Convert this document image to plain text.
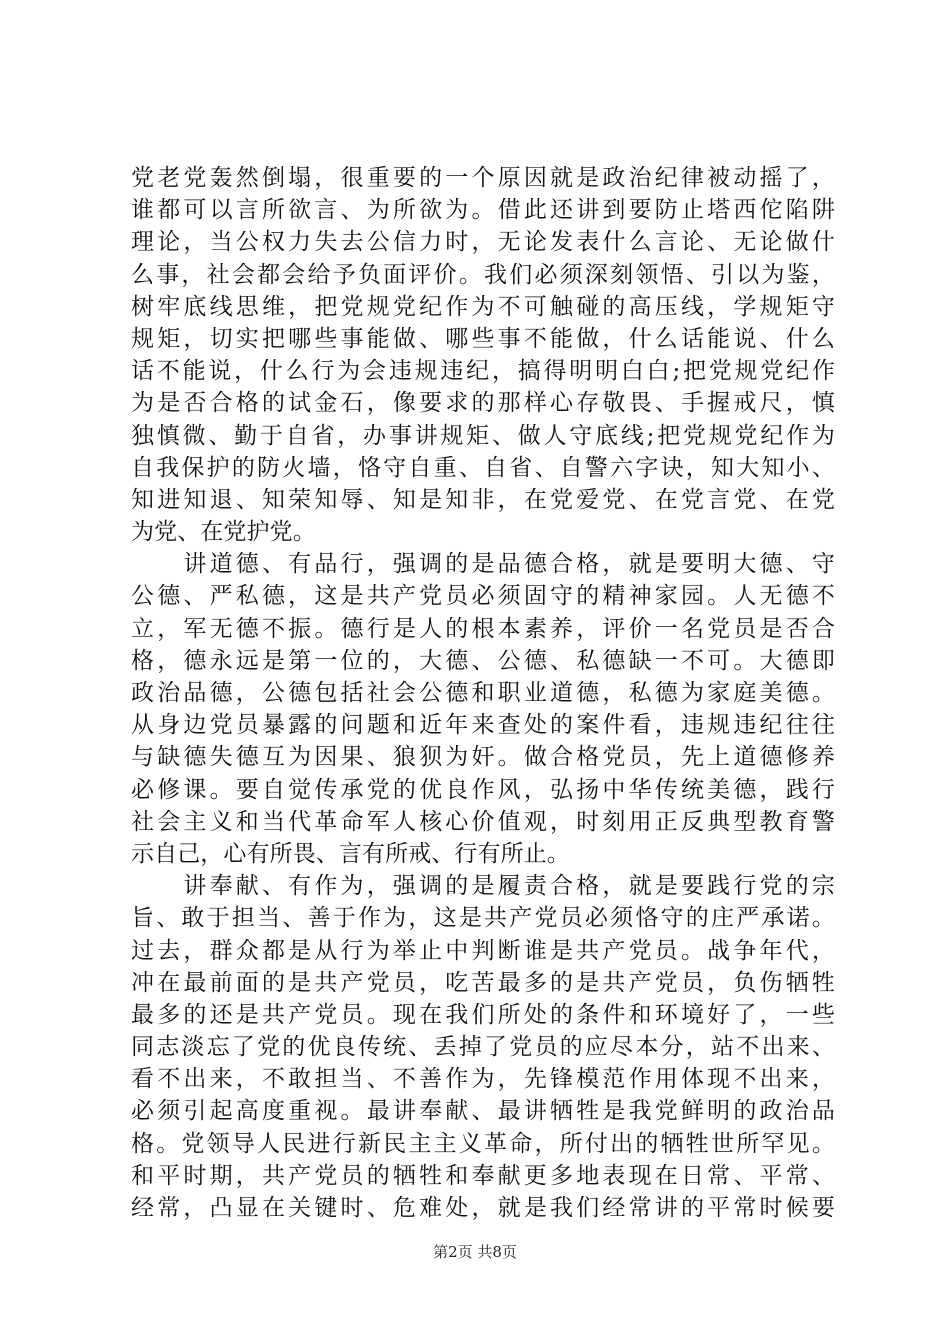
党老党轰然倒塌，很重要的一个原因就是政治纪律被动摇了，
谁都可以言所欲言、为所欲为。借此还讲到要防止塔西佗陷阱
理论，当公权力失去公信力时，无论发表什么言论、无论做什
么事，社会都会给予负面评价。我们必须深刻领悟、引以为鉴，
树牢底线思维，把党规党纪作为不可触碰的高压线，学规矩守
规矩，切实把哪些事能做、哪些事不能做，什么话能说、什么
话不能说，什么行为会违规违纪，搞得明明白白;把党规党纪作
为是否合格的试金石，像要求的那样心存敬畏、手握戒尺，慎
独慎微、勤于自省，办事讲规矩、做人守底线;把党规党纪作为
自我保护的防火墙，恪守自重、自省、自警六字诀，知大知小、
知进知退、知荣知辱、知是知非，在党爱党、在党言党、在党
为党、在党护党。
　　讲道德、有品行，强调的是品德合格，就是要明大德、守
公德、严私德，这是共产党员必须固守的精神家园。人无德不
立，军无德不振。德行是人的根本素养，评价一名党员是否合
格，德永远是第一位的，大德、公德、私德缺一不可。大德即
政治品德，公德包括社会公德和职业道德，私德为家庭美德。
从身边党员暴露的问题和近年来查处的案件看，违规违纪往往
与缺德失德互为因果、狼狈为奸。做合格党员，先上道德修养
必修课。要自觉传承党的优良作风，弘扬中华传统美德，践行
社会主义和当代革命军人核心价值观，时刻用正反典型教育警
示自己，心有所畏、言有所戒、行有所止。
　　讲奉献、有作为，强调的是履责合格，就是要践行党的宗
旨、敢于担当、善于作为，这是共产党员必须恪守的庄严承诺。
过去，群众都是从行为举止中判断谁是共产党员。战争年代，
冲在最前面的是共产党员，吃苦最多的是共产党员，负伤牺牲
最多的还是共产党员。现在我们所处的条件和环境好了，一些
同志淡忘了党的优良传统、丢掉了党员的应尽本分，站不出来、
看不出来，不敢担当、不善作为，先锋模范作用体现不出来，
必须引起高度重视。最讲奉献、最讲牺牲是我党鲜明的政治品
格。党领导人民进行新民主主义革命，所付出的牺牲世所罕见。
和平时期，共产党员的牺牲和奉献更多地表现在日常、平常、
经常，凸显在关键时、危难处，就是我们经常讲的平常时候要
第2页 共8页
